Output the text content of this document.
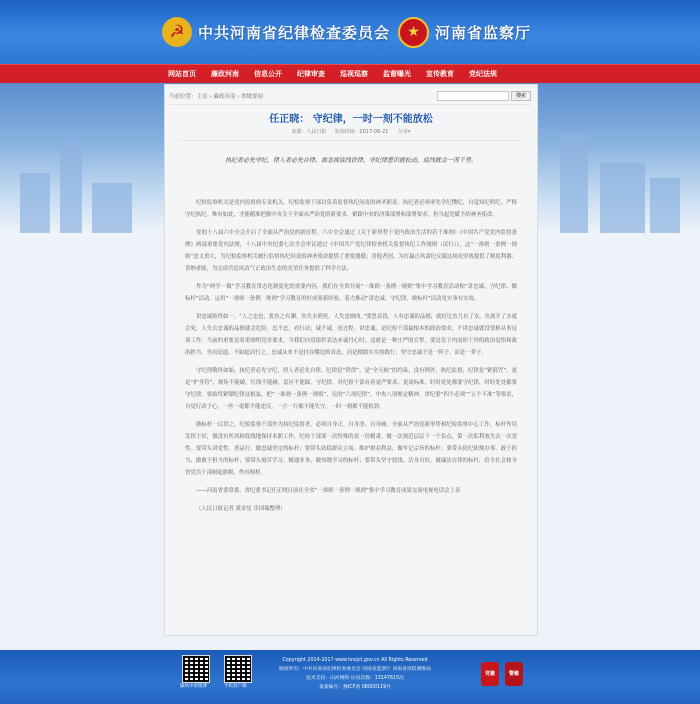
☭ 中共河南省纪律检查委员会	★	河南省监察厅
网站首页	廉政河南	信息公开	纪律审查	巡视巡察	监督曝光	宣传教育	党纪法规
当前位置：主页 › 廉政河南 › 省级要闻	搜索
任正晓： 守纪律，一时一刻不能放松
来源：人民日报 发布时间：2017-06-21 分享▾
执纪者必先守纪，律人者必先自律。谁忽视底线铁律，守纪律意识就松动，底线就会一泻千里。

纪检监察机关是党内监督的专责机关，纪检监察干部肩负着监督执纪问责的神圣职责，执纪者必须率先学纪懂纪、自觉知纪明纪、严格守纪执纪。唯有如此，才能精准把握中央关于全面从严治党的新要求，紧跟中央的决策部署和部署要求，担当起党赋予的神圣使命。

党的十八届六中全会开启了全面从严治党的新征程。六中全会通过《关于新形势下党内政治生活的若干准则》《中国共产党党内监督条例》两部重要党内法规，十八届中央纪委七次全会审议通过《中国共产党纪律检查机关监督执纪工作规则（试行）》，这“一准则一条例一规则”意义重大，为纪检监察机关履行监督执纪问责的神圣使命提供了重要遵循；喜他者创，为打赢正风肃纪反腐这场攻坚战提供了制度利器；喜纳者励，为完成营造风清气正政治生态的光荣任务提供了科学方法。

作为“两学一做”学习教育常态化制度化的重要内容，我们在全省开展“一准则一条例一规则”集中学习教育活动和“讲忠诚、守纪律、做标杆”活动。运用“一准则一条例一规则”学习教育的好成果新经验，着力推动“讲忠诚、守纪律、做标杆”活动见实事有实效。

讲忠诚始终如一。“人之忠也，犹鱼之有渊。鱼失水则死，人失忠则凶。”要思首段，人有忠诚的品德，就好比鱼儿有了水。鱼离开了水就会死，人失去忠诚的品德就会危险。忠不忠，看行动；诚不诚，看过程。讲忠诚，是纪检干部最根本的政治要求，不讲忠诚就没资格从事这项工作。当前的重要是着重阐明党章要求，当我们向党组织表达赤诚丹心时，这就是一种庄严的宣誓，要是发于内而形于外的政治觉悟和政治担当。坐而论道，不如起而行之。忠诚从来不是挂在嘴边的表态，而是踏踏实实的践行；坚守忠诚不是一阵子，而是一辈子。

守纪律敬终如始。执纪者必先守纪，律人者必先自律。纪律是“铁律”，是“全天候”的约束，没有例外。执纪监督，纪律是“紧箍咒”，更是“护身符”，规矩不能破，红线不能碰，雷区不能踩。守纪律，对纪检干部有着更严要求、更高标准，时时处处都要守纪律，时时处处都要守纪律。要始终紧绷纪律这根弦，把“一准则一条例一规则”，宪的“六项纪律”，中央八项规定精神、省纪委“四个必须”“五个不准”等要求，自觉行动于心，一丝一毫都不能违反，一言一行都不能失守，一时一刻都不能松劲。

做标杆一以贯之。纪检监察干部作为执纪监督者，必须自身正、自身净、自身硬。全面从严治党新形势和纪检监察中心工作，标杆作用发挥于好，做没有医风和底线地保持本职工作，纪检干部要一次特殊的表一份精肃，做一次规范层层下一个负点，第一次私利放失去一次党性。要带头讲党性、重品行，做忠诚坚定的标杆；要带头站稳群众立场、维护群众利益，做牢记宗旨的标杆；要带头依纪依规办事、敢于担当、做敢于担当的标杆；要带头刻苦学习、精通业务，做知晓学习的标杆；要带头坚守底线、洁身自好，做廉洁自律的标杆，给全社会和全省党员干部树起旗帜，作出榜样。

——河南省委常委、省纪委书记任正晓日前在全省“一准则一条例一规则”集中学习教育成果交流电视电话会上表

（人民日报记者 龚金星 乐国瑞整理）

廉风中原微博	手机客户端
Copyright 2014-2017 www.hnsjct.gov.cn All Rights Reserved
版权所有：中共河南省纪律检查委员会 河南省监察厅 河南省预防腐败局
技术支持：山河网络 访问次数：13147615次
备案编号：豫ICP备 08000119号
党徽	警徽
